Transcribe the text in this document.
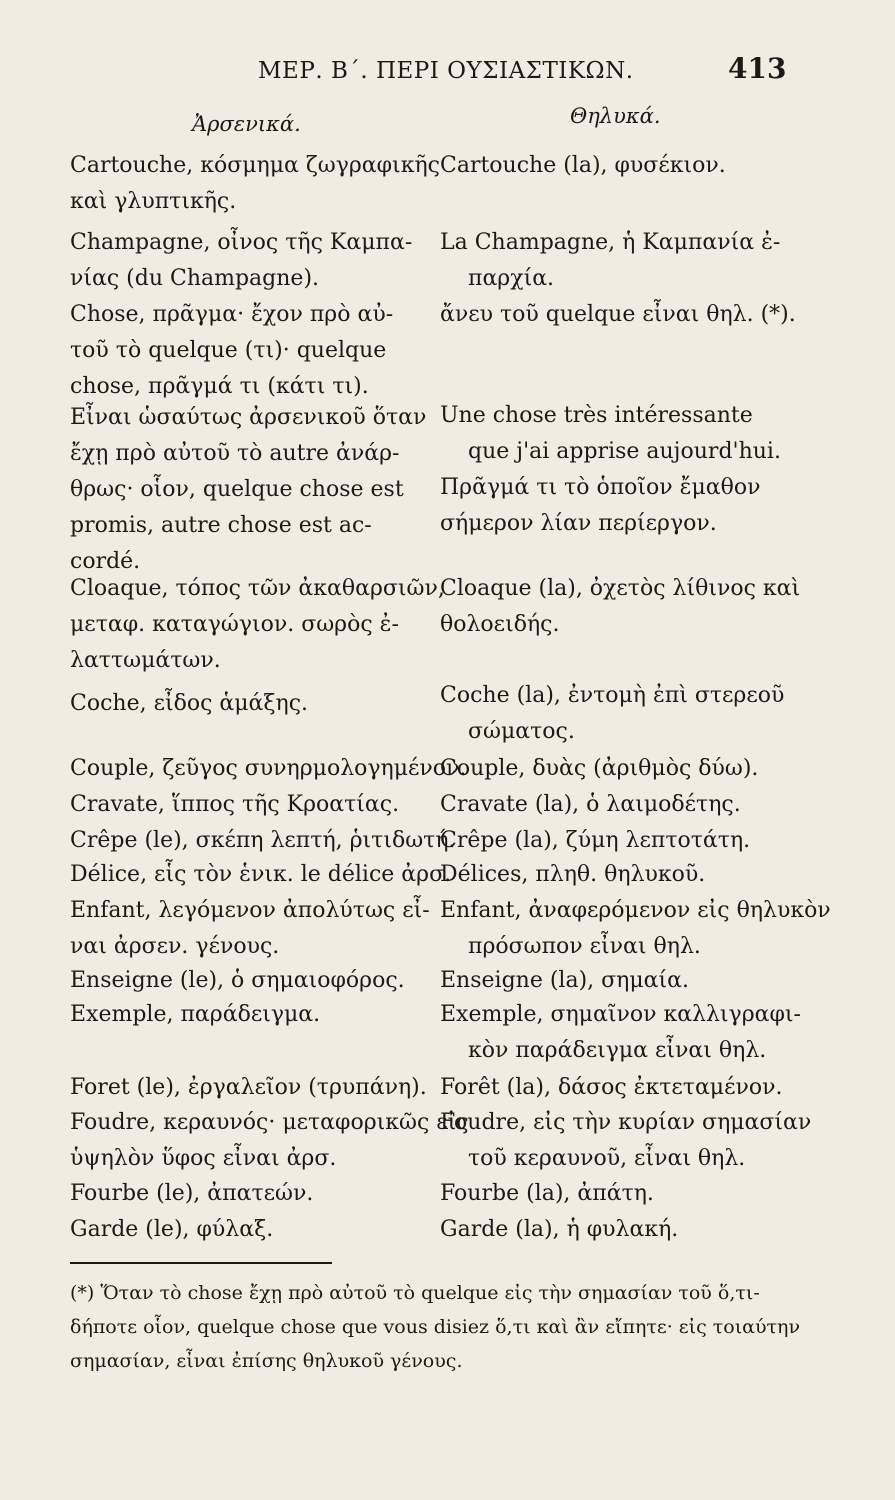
ΜΕΡ. Β΄. ΠΕΡΙ ΟΥΣΙΑΣΤΙΚΩΝ.	413
Ἀρσενικά.	Θηλυκά.
Cartouche, κόσμημα ζωγραφικῆς
καὶ γλυπτικῆς.
Champagne, οἶνος τῆς Καμπα-
νίας (du Champagne).
Chose, πρᾶγμα· ἔχον πρὸ αὐ-
τοῦ τὸ quelque (τι)· quelque
chose, πρᾶγμά τι (κάτι τι).
Εἶναι ὡσαύτως ἀρσενικοῦ ὅταν
ἔχῃ πρὸ αὐτοῦ τὸ autre ἀνάρ-
θρως· οἷον, quelque chose est
promis, autre chose est ac-
cordé.
Cloaque, τόπος τῶν ἀκαθαρσιῶν,
μεταφ. καταγώγιον. σωρὸς ἐ-
λαττωμάτων.
Coche, εἶδος ἁμάξης.
Couple, ζεῦγος συνηρμολογημένον.
Cravate, ἵππος τῆς Κροατίας.
Crêpe (le), σκέπη λεπτή, ῥιτιδωτή.
Délice, εἷς τὸν ἑνικ. le délice ἀρσ.
Enfant, λεγόμενον ἀπολύτως εἶ-
ναι ἀρσεν. γένους.
Enseigne (le), ὁ σημαιοφόρος.
Exemple, παράδειγμα.
Foret (le), ἐργαλεῖον (τρυπάνη).
Foudre, κεραυνός· μεταφορικῶς εἰς
ὑψηλὸν ὕφος εἶναι ἀρσ.
Fourbe (le), ἀπατεών.
Garde (le), φύλαξ.
Cartouche (la), φυσέκιον.
La Champagne, ἡ Καμπανία ἐ-
παρχία.
ἄνευ τοῦ quelque εἶναι θηλ. (*).
Une chose très intéressante
que j'ai apprise aujourd'hui.
Πρᾶγμά τι τὸ ὁποῖον ἔμαθον
σήμερον λίαν περίεργον.
Cloaque (la), ὀχετὸς λίθινος καὶ
θολοειδής.
Coche (la), ἐντομὴ ἐπὶ στερεοῦ
σώματος.
Couple, δυὰς (ἀριθμὸς δύω).
Cravate (la), ὁ λαιμοδέτης.
Crêpe (la), ζύμη λεπτοτάτη.
Délices, πληθ. θηλυκοῦ.
Enfant, ἀναφερόμενον εἰς θηλυκὸν
πρόσωπον εἶναι θηλ.
Enseigne (la), σημαία.
Exemple, σημαῖνον καλλιγραφι-
κὸν παράδειγμα εἶναι θηλ.
Forêt (la), δάσος ἐκτεταμένον.
Foudre, εἰς τὴν κυρίαν σημασίαν
τοῦ κεραυνοῦ, εἶναι θηλ.
Fourbe (la), ἀπάτη.
Garde (la), ἡ φυλακή.
(*) Ὅταν τὸ chose ἔχῃ πρὸ αὐτοῦ τὸ quelque εἰς τὴν σημασίαν τοῦ ὅ,τι-
δήποτε οἷον, quelque chose que vous disiez ὅ,τι καὶ ἂν εἴπητε· εἰς τοιαύτην
σημασίαν, εἶναι ἐπίσης θηλυκοῦ γένους.
